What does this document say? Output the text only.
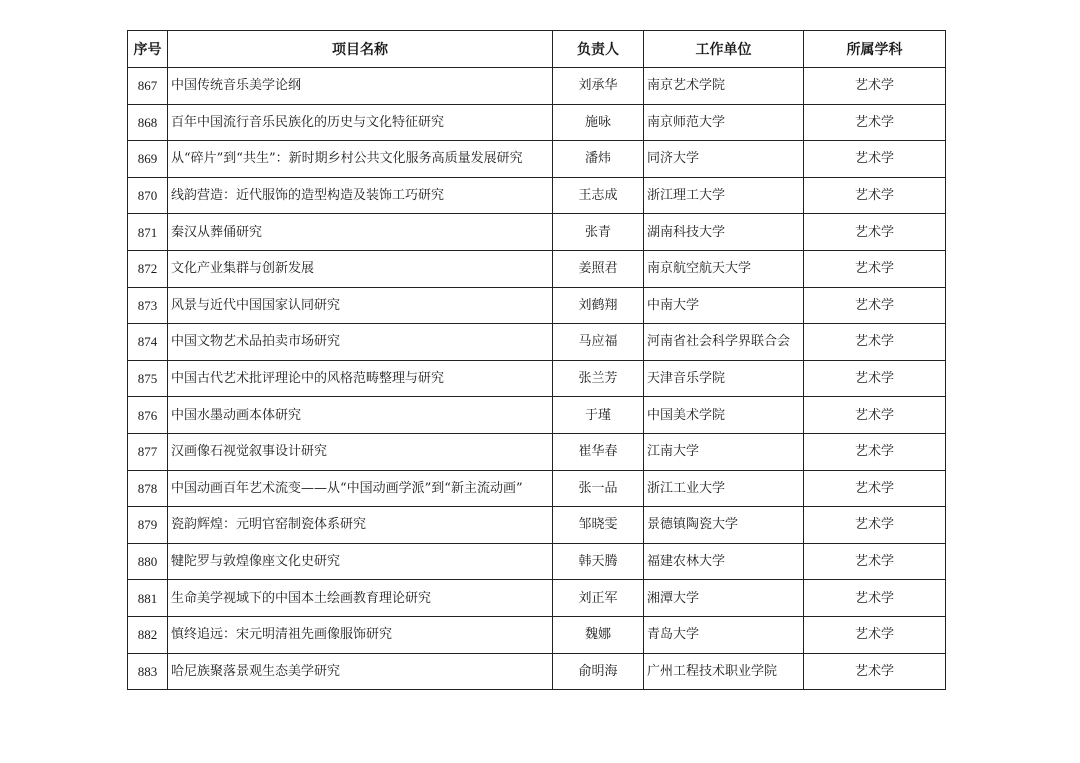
序号	项目名称	负责人	工作单位	所属学科
867	中国传统音乐美学论纲	刘承华	南京艺术学院	艺术学
868	百年中国流行音乐民族化的历史与文化特征研究	施咏	南京师范大学	艺术学
869	从“碎片”到“共生”：新时期乡村公共文化服务高质量发展研究	潘炜	同济大学	艺术学
870	线韵营造：近代服饰的造型构造及装饰工巧研究	王志成	浙江理工大学	艺术学
871	秦汉从葬俑研究	张青	湖南科技大学	艺术学
872	文化产业集群与创新发展	姜照君	南京航空航天大学	艺术学
873	风景与近代中国国家认同研究	刘鹤翔	中南大学	艺术学
874	中国文物艺术品拍卖市场研究	马应福	河南省社会科学界联合会	艺术学
875	中国古代艺术批评理论中的风格范畴整理与研究	张兰芳	天津音乐学院	艺术学
876	中国水墨动画本体研究	于瑾	中国美术学院	艺术学
877	汉画像石视觉叙事设计研究	崔华春	江南大学	艺术学
878	中国动画百年艺术流变——从“中国动画学派”到“新主流动画”	张一品	浙江工业大学	艺术学
879	瓷韵辉煌：元明官窑制瓷体系研究	邹晓雯	景德镇陶瓷大学	艺术学
880	犍陀罗与敦煌像座文化史研究	韩天腾	福建农林大学	艺术学
881	生命美学视域下的中国本土绘画教育理论研究	刘正军	湘潭大学	艺术学
882	慎终追远：宋元明清祖先画像服饰研究	魏娜	青岛大学	艺术学
883	哈尼族聚落景观生态美学研究	俞明海	广州工程技术职业学院	艺术学
